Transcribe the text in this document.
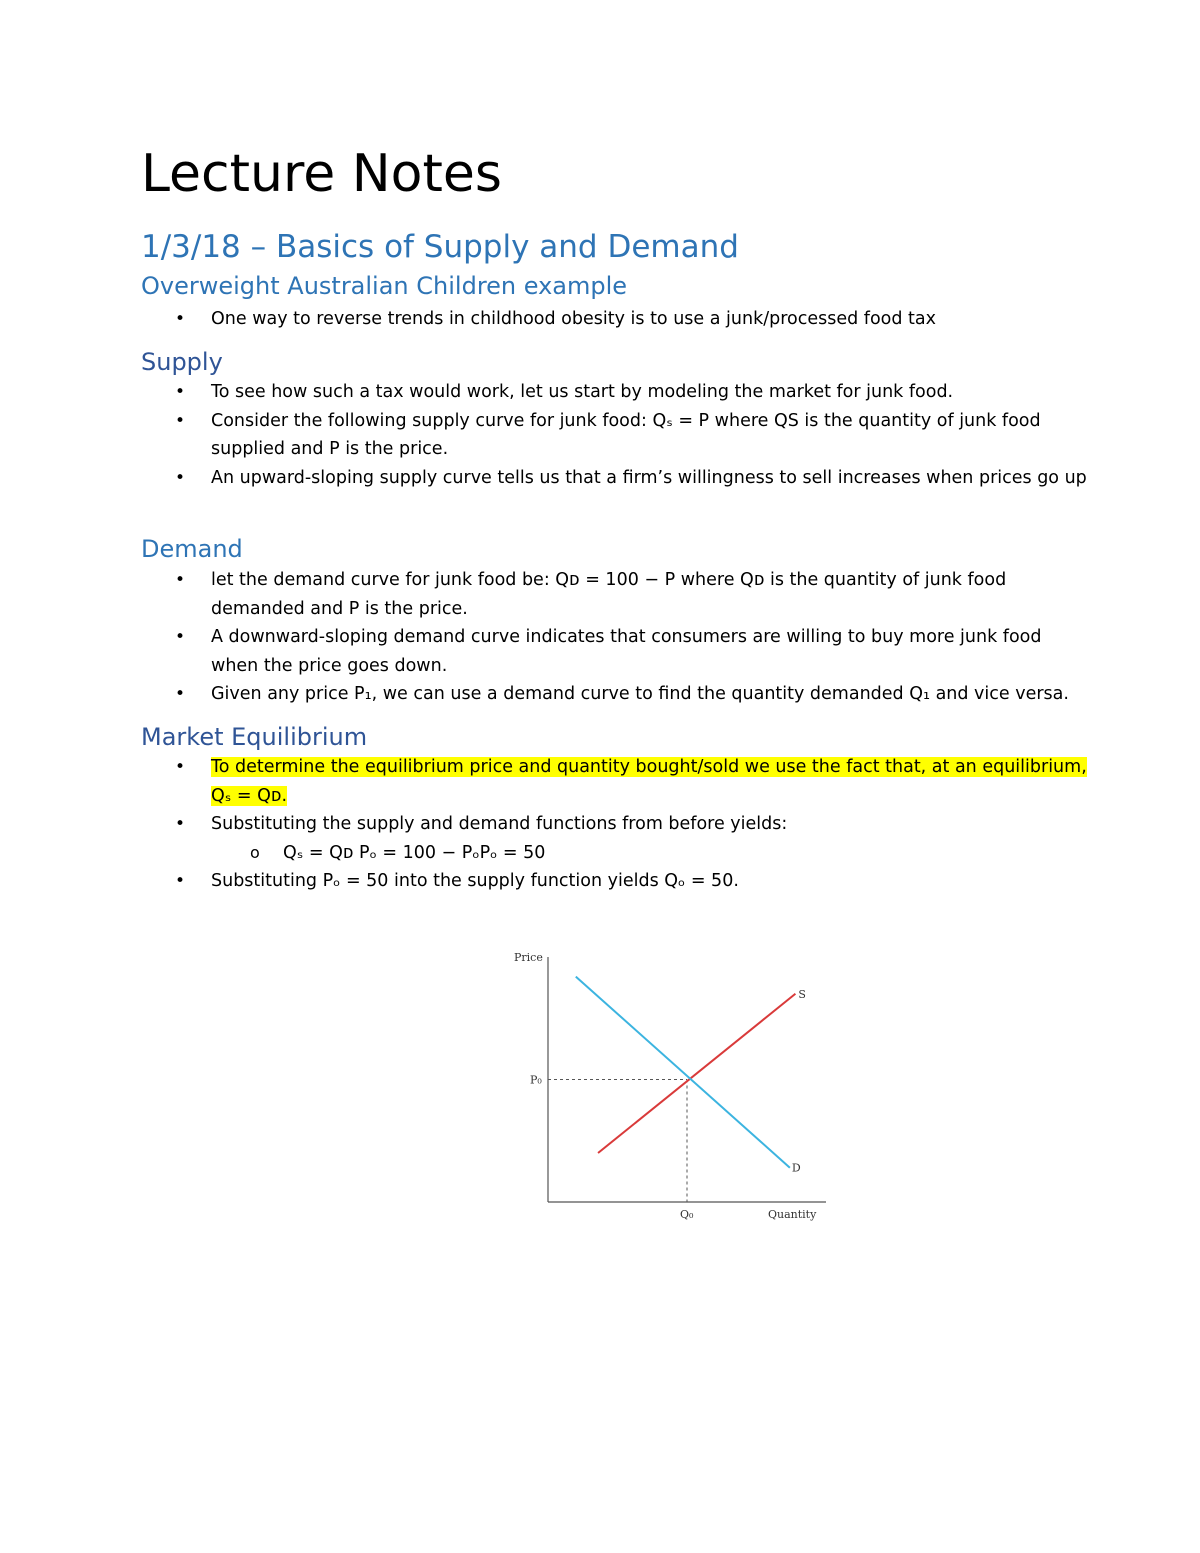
Lecture Notes
1/3/18 – Basics of Supply and Demand
Overweight Australian Children example
• One way to reverse trends in childhood obesity is to use a junk/processed food tax
Supply
• To see how such a tax would work, let us start by modeling the market for junk food.
• Consider the following supply curve for junk food: Qₛ = P where QS is the quantity of junk food supplied and P is the price.
• An upward-sloping supply curve tells us that a firm’s willingness to sell increases when prices go up
Demand
• let the demand curve for junk food be: Qᴅ = 100 − P where Qᴅ is the quantity of junk food demanded and P is the price.
• A downward-sloping demand curve indicates that consumers are willing to buy more junk food when the price goes down.
• Given any price P₁, we can use a demand curve to find the quantity demanded Q₁ and vice versa.
Market Equilibrium
• To determine the equilibrium price and quantity bought/sold we use the fact that, at an equilibrium, Qₛ = Qᴅ.
• Substituting the supply and demand functions from before yields:
o Qₛ = Qᴅ Pₒ = 100 − PₒPₒ = 50
• Substituting Pₒ = 50 into the supply function yields Qₒ = 50.
Price
Quantity
P₀
Q₀
S
D
